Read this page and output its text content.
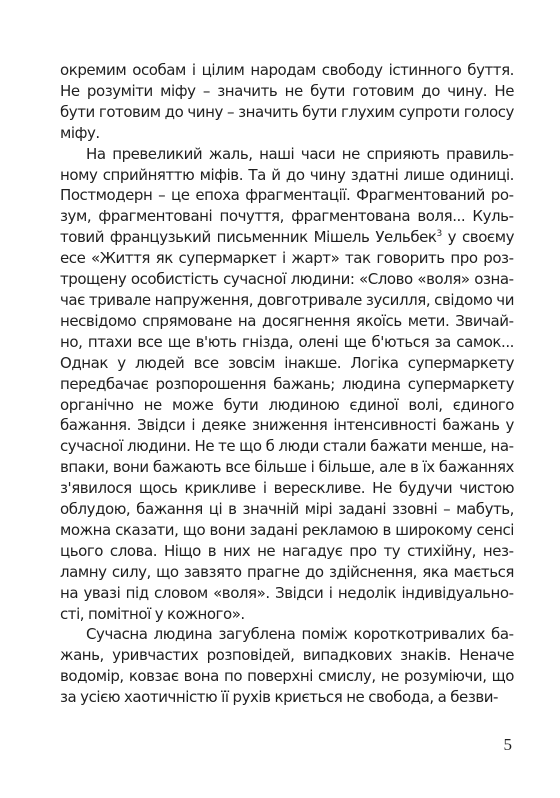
окремим особам і цілим народам свободу істинного буття. Не розуміти міфу – значить не бути готовим до чину. Не бути готовим до чину – значить бути глухим супроти голосу міфу.

На превеликий жаль, наші часи не сприяють правильному сприйняттю міфів. Та й до чину здатні лише одиниці. Постмодерн – це епоха фрагментації. Фрагментований розум, фрагментовані почуття, фрагментована воля... Культовий французький письменник Мішель Уельбек$^3$ у своєму есе «Життя як супермаркет і жарт» так говорить про розтрощену особистість сучасної людини: «Слово «воля» означає тривале напруження, довготривале зусилля, свідомо чи несвідомо спрямоване на досягнення якоїсь мети. Звичайно, птахи все ще в'ють гнізда, олені ще б'ються за самок... Однак у людей все зовсім інакше. Логіка супермаркету передбачає розпорошення бажань; людина супермаркету органічно не може бути людиною єдиної волі, єдиного бажання. Звідси і деяке зниження інтенсивності бажань у сучасної людини. Не те що б люди стали бажати менше, навпаки, вони бажають все більше і більше, але в їх бажаннях з'явилося щось крикливе і верескливе. Не будучи чистою облудою, бажання ці в значній мірі задані ззовні – мабуть, можна сказати, що вони задані рекламою в широкому сенсі цього слова. Ніщо в них не нагадує про ту стихійну, незламну силу, що завзято прагне до здійснення, яка мається на увазі під словом «воля». Звідси і недолік індивідуальності, помітної у кожного».

Сучасна людина загублена поміж короткотривалих бажань, уривчастих розповідей, випадкових знаків. Неначе водомір, ковзає вона по поверхні смислу, не розуміючи, що за усією хаотичністю її рухів криється не свобода, а безви-

5
